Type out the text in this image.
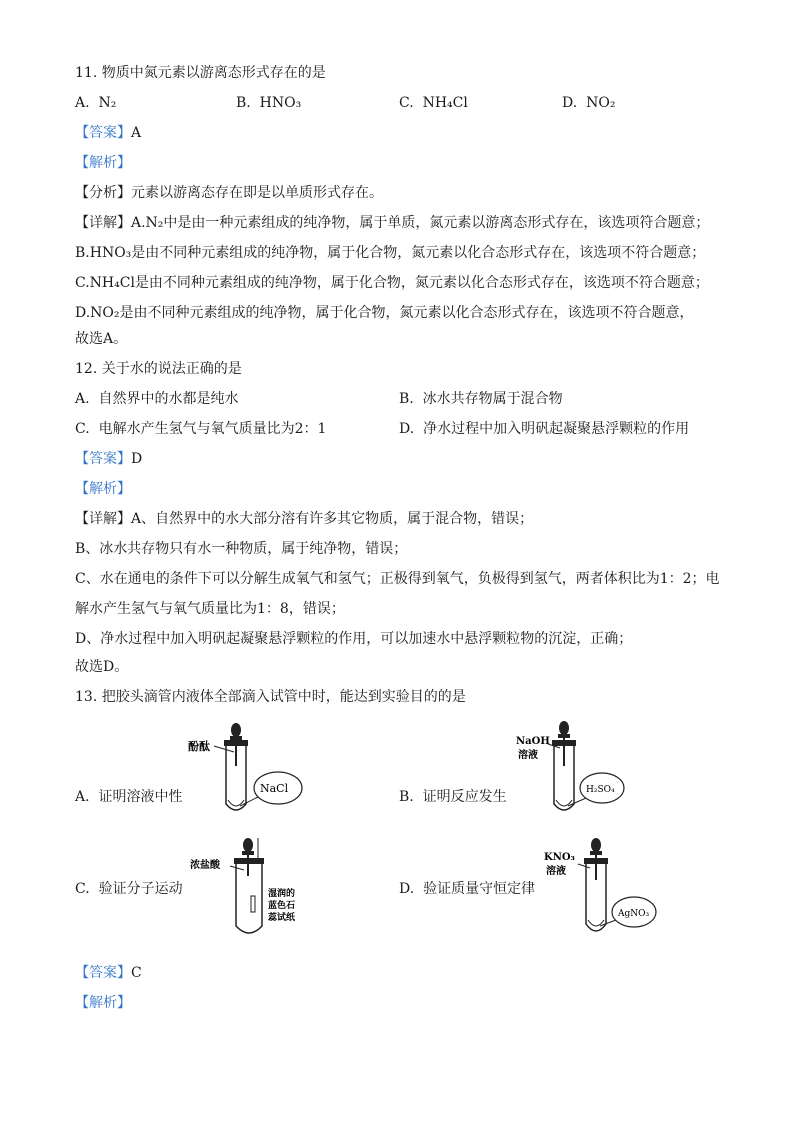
11. 物质中氮元素以游离态形式存在的是
A. N₂	B. HNO₃	C. NH₄Cl	D. NO₂
【答案】A
【解析】
【分析】元素以游离态存在即是以单质形式存在。
【详解】A.N₂中是由一种元素组成的纯净物，属于单质，氮元素以游离态形式存在，该选项符合题意；
B.HNO₃是由不同种元素组成的纯净物，属于化合物，氮元素以化合态形式存在，该选项不符合题意；
C.NH₄Cl是由不同种元素组成的纯净物，属于化合物，氮元素以化合态形式存在，该选项不符合题意；
D.NO₂是由不同种元素组成的纯净物，属于化合物，氮元素以化合态形式存在，该选项不符合题意，
故选A。
12. 关于水的说法正确的是
A. 自然界中的水都是纯水	B. 冰水共存物属于混合物
C. 电解水产生氢气与氧气质量比为2：1	D. 净水过程中加入明矾起凝聚悬浮颗粒的作用
【答案】D
【解析】
【详解】A、自然界中的水大部分溶有许多其它物质，属于混合物，错误；
B、冰水共存物只有水一种物质，属于纯净物，错误；
C、水在通电的条件下可以分解生成氧气和氢气；正极得到氧气，负极得到氢气，两者体积比为1：2；电
解水产生氢气与氧气质量比为1：8，错误；
D、净水过程中加入明矾起凝聚悬浮颗粒的作用，可以加速水中悬浮颗粒物的沉淀，正确；
故选D。
13. 把胶头滴管内液体全部滴入试管中时，能达到实验目的的是
A. 证明溶液中性
酚酞
NaCl
B. 证明反应发生
NaOH
溶液
H₂SO₄
C. 验证分子运动
浓盐酸
湿润的
蓝色石
蕊试纸
D. 验证质量守恒定律
KNO₃
溶液
AgNO₃
【答案】C
【解析】
